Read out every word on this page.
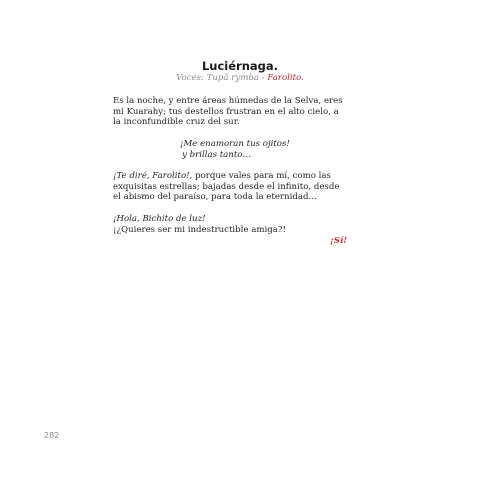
Luciérnaga.
Voces: Tupã rymba - Farolito.
Es la noche, y entre áreas húmedas de la Selva, eres
mi Kuarahy; tus destellos frustran en el alto cielo, a
la inconfundible cruz del sur.
¡Me enamoran tus ojitos!
y brillas tanto…
¡Te diré, Farolito!, porque vales para mí, como las
exquisitas estrellas; bajadas desde el infinito, desde
el abismo del paraíso, para toda la eternidad…
¡Hola, Bichito de luz!
¡¿Quieres ser mi indestructible amiga?!
¡Sí!
282
